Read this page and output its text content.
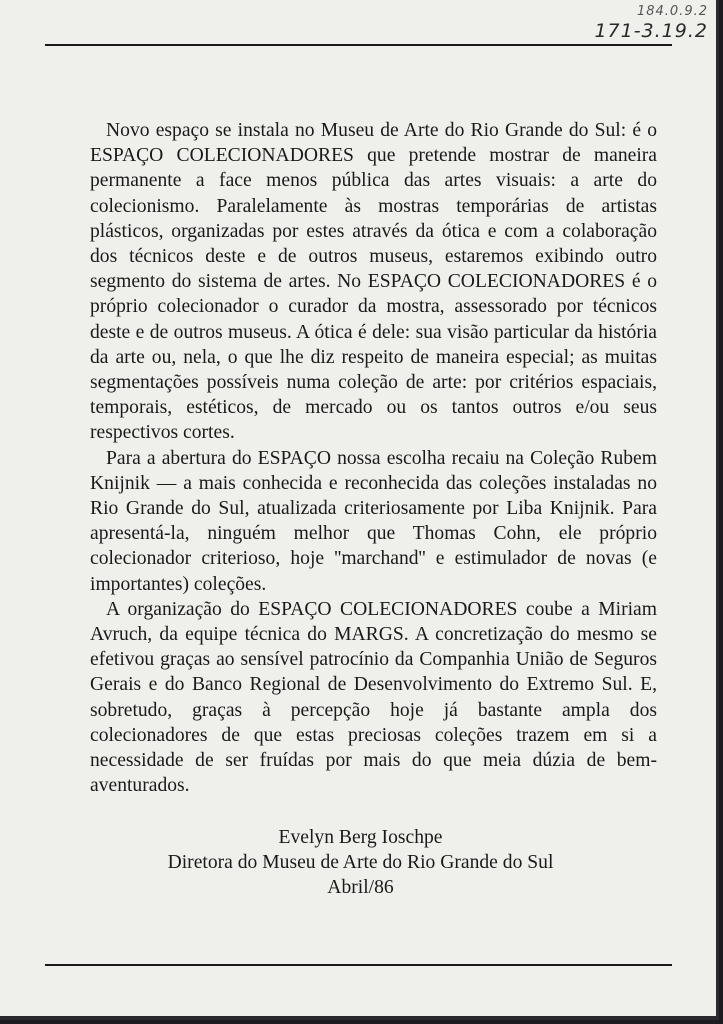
184.0.9.2
171-3.19.2

Novo espaço se instala no Museu de Arte do Rio Grande do Sul: é o ESPAÇO COLECIONADORES que pretende mostrar de maneira permanente a face menos pública das artes visuais: a arte do colecionismo. Paralelamente às mostras temporárias de artistas plásticos, organizadas por estes através da ótica e com a colaboração dos técnicos deste e de outros museus, estaremos exibindo outro segmento do sistema de artes. No ESPAÇO COLECIONADORES é o próprio colecionador o curador da mostra, assessorado por técnicos deste e de outros museus. A ótica é dele: sua visão particular da história da arte ou, nela, o que lhe diz respeito de maneira especial; as muitas segmentações possíveis numa coleção de arte: por critérios espaciais, temporais, estéticos, de mercado ou os tantos outros e/ou seus respectivos cortes.

Para a abertura do ESPAÇO nossa escolha recaiu na Coleção Rubem Knijnik — a mais conhecida e reconhecida das coleções instaladas no Rio Grande do Sul, atualizada criteriosamente por Liba Knijnik. Para apresentá-la, ninguém melhor que Thomas Cohn, ele próprio colecionador criterioso, hoje ''marchand'' e estimulador de novas (e importantes) coleções.

A organização do ESPAÇO COLECIONADORES coube a Miriam Avruch, da equipe técnica do MARGS. A concretização do mesmo se efetivou graças ao sensível patrocínio da Companhia União de Seguros Gerais e do Banco Regional de Desenvolvimento do Extremo Sul. E, sobretudo, graças à percepção hoje já bastante ampla dos colecionadores de que estas preciosas coleções trazem em si a necessidade de ser fruídas por mais do que meia dúzia de bem-aventurados.

Evelyn Berg Ioschpe
Diretora do Museu de Arte do Rio Grande do Sul
Abril/86
